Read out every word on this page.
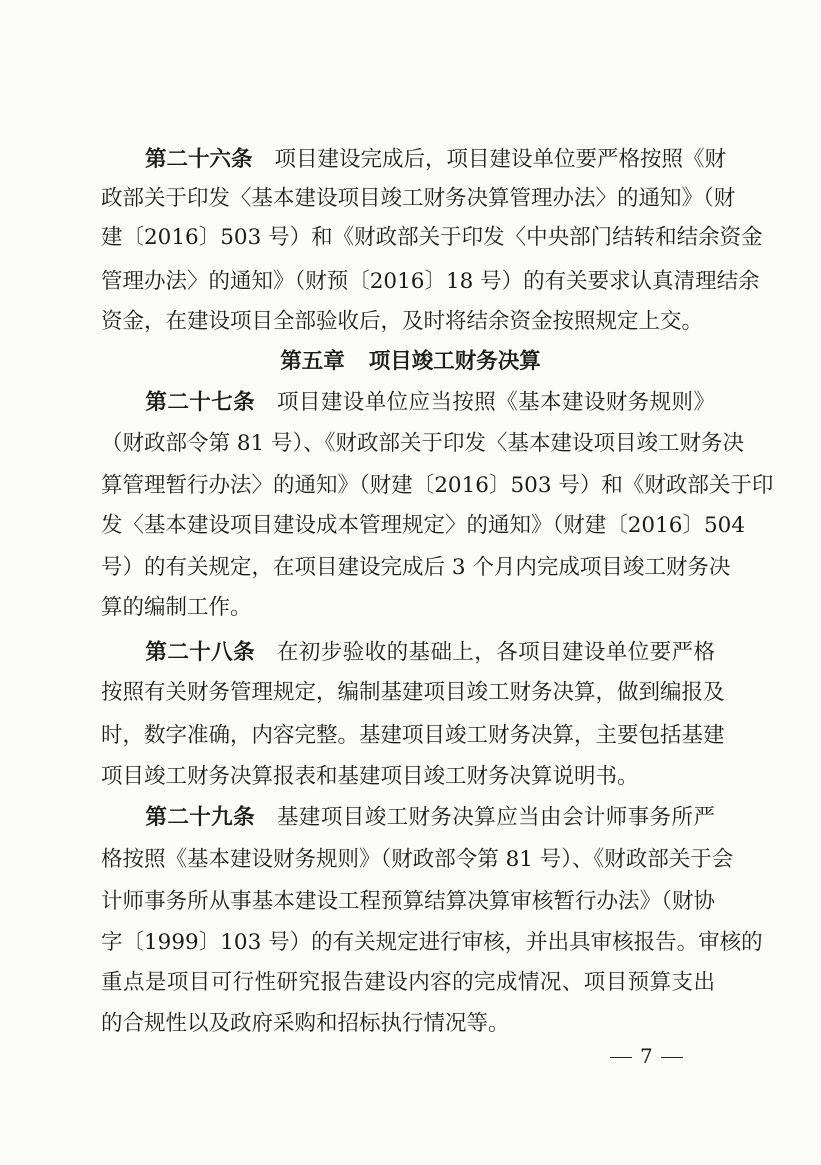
第二十六条 项目建设完成后，项目建设单位要严格按照《财
政部关于印发〈基本建设项目竣工财务决算管理办法〉的通知》（财
建〔2016〕503 号）和《财政部关于印发〈中央部门结转和结余资金
管理办法〉的通知》（财预〔2016〕18 号）的有关要求认真清理结余
资金，在建设项目全部验收后，及时将结余资金按照规定上交。
第五章 项目竣工财务决算
第二十七条 项目建设单位应当按照《基本建设财务规则》
（财政部令第 81 号）、《财政部关于印发〈基本建设项目竣工财务决
算管理暂行办法〉的通知》（财建〔2016〕503 号）和《财政部关于印
发〈基本建设项目建设成本管理规定〉的通知》（财建〔2016〕504
号）的有关规定，在项目建设完成后 3 个月内完成项目竣工财务决
算的编制工作。
第二十八条 在初步验收的基础上，各项目建设单位要严格
按照有关财务管理规定，编制基建项目竣工财务决算，做到编报及
时，数字准确，内容完整。基建项目竣工财务决算，主要包括基建
项目竣工财务决算报表和基建项目竣工财务决算说明书。
第二十九条 基建项目竣工财务决算应当由会计师事务所严
格按照《基本建设财务规则》（财政部令第 81 号）、《财政部关于会
计师事务所从事基本建设工程预算结算决算审核暂行办法》（财协
字〔1999〕103 号）的有关规定进行审核，并出具审核报告。审核的
重点是项目可行性研究报告建设内容的完成情况、项目预算支出
的合规性以及政府采购和招标执行情况等。
7
